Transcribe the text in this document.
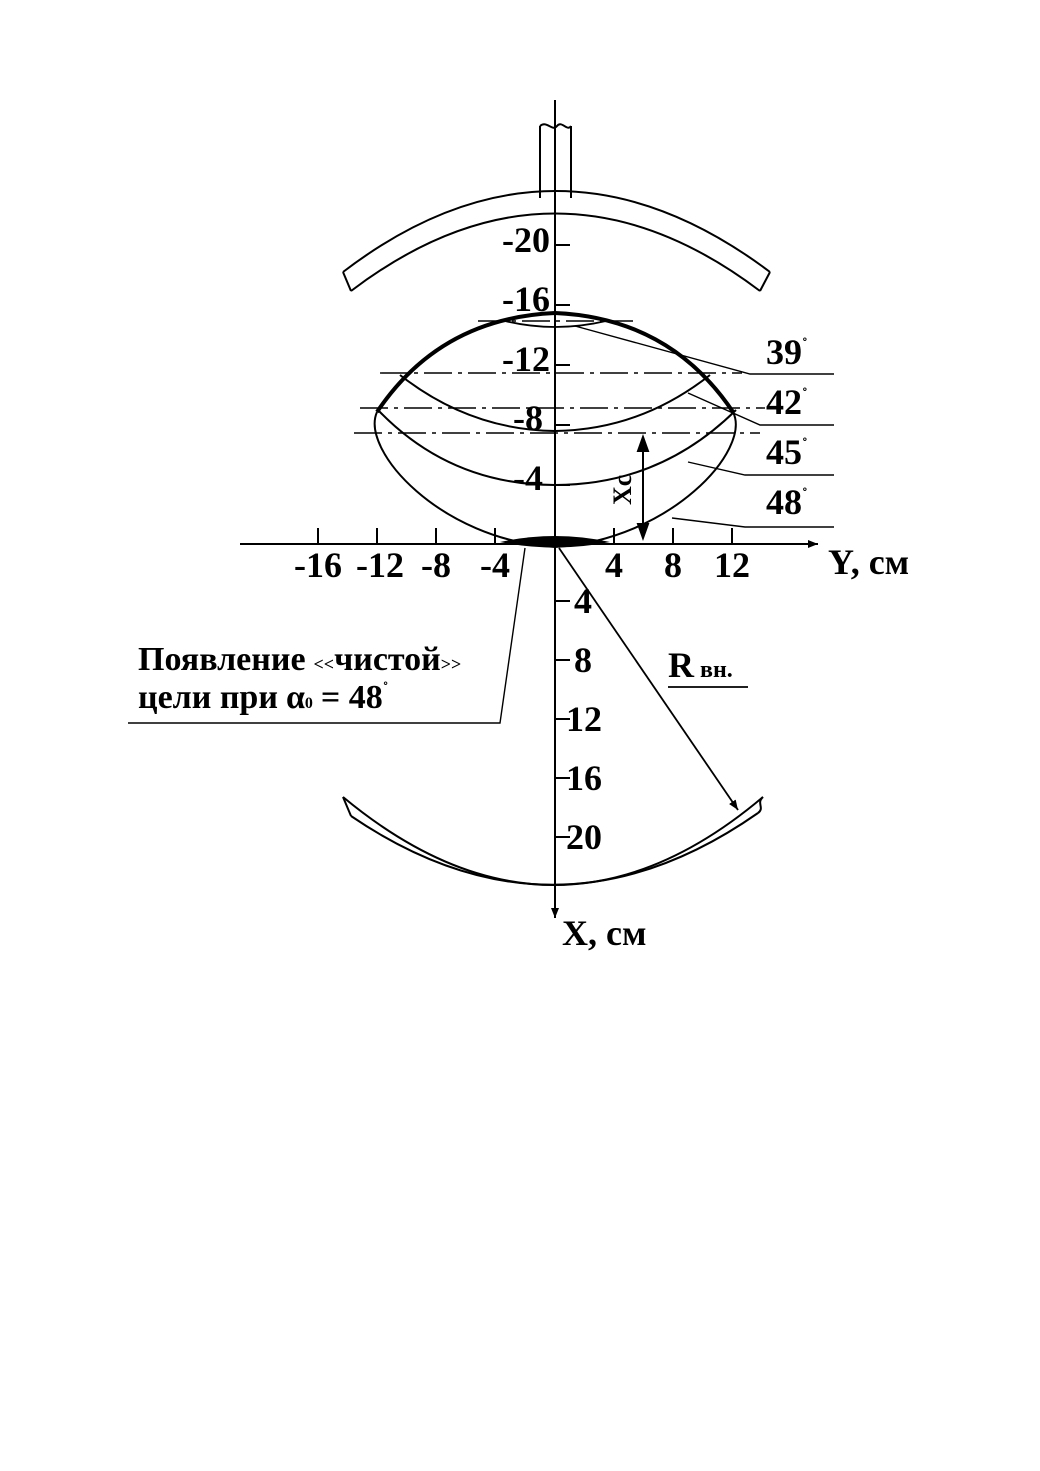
-16 -12 -8 -4	4 8 12
-20
-16
-12
-8
-4
4
8
12
16
20
Y, см
X, см
39˚
42˚
45˚
48˚
Xc
Rвн.
Появление <<чистой>>
цели при α0 = 48˚
